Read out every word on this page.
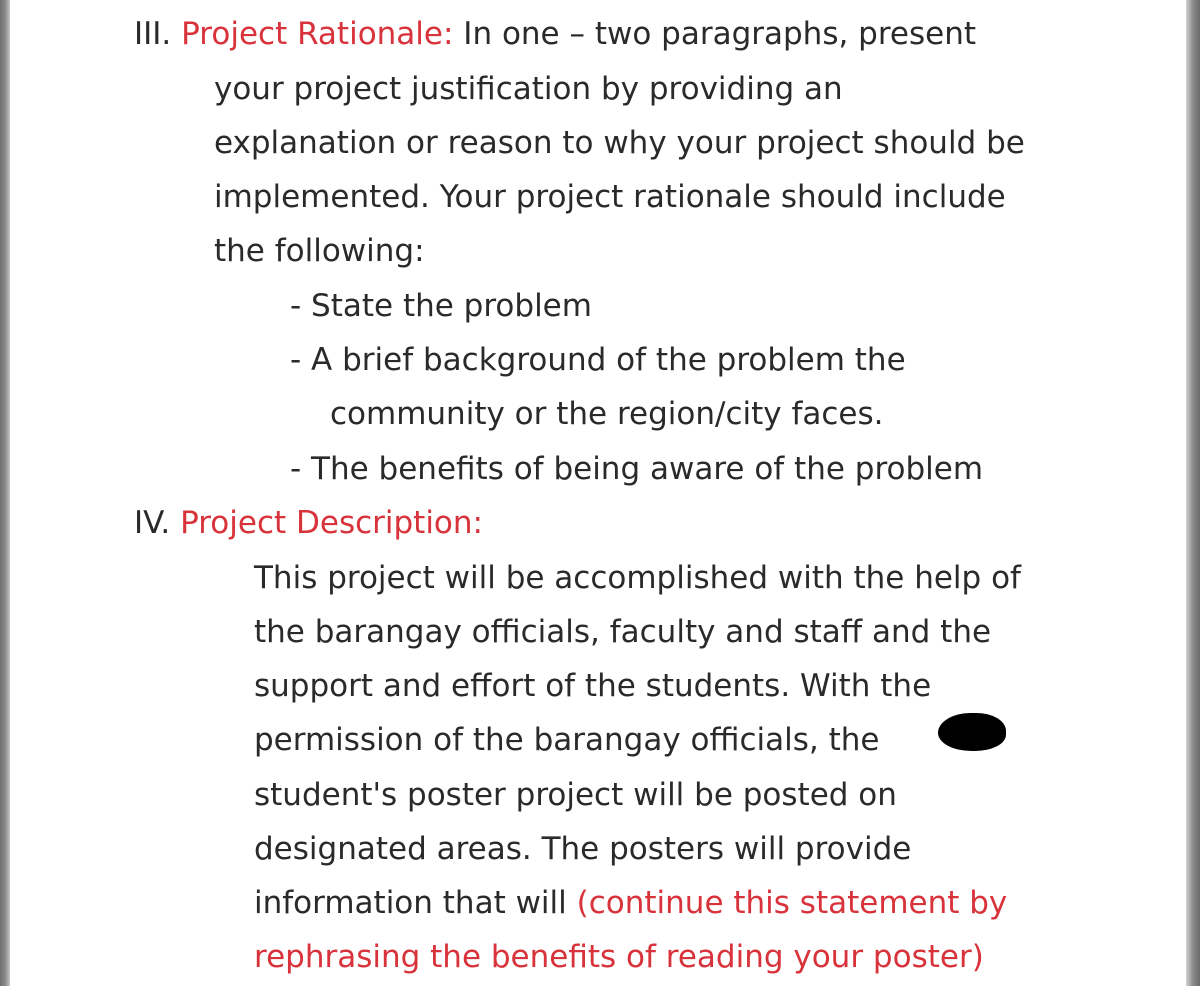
III. Project Rationale: In one – two paragraphs, present
your project justification by providing an
explanation or reason to why your project should be
implemented. Your project rationale should include
the following:
- State the problem
- A brief background of the problem the
community or the region/city faces.
- The benefits of being aware of the problem
IV. Project Description:
This project will be accomplished with the help of
the barangay officials, faculty and staff and the
support and effort of the students. With the
permission of the barangay officials, the
student's poster project will be posted on
designated areas. The posters will provide
information that will (continue this statement by
rephrasing the benefits of reading your poster)
